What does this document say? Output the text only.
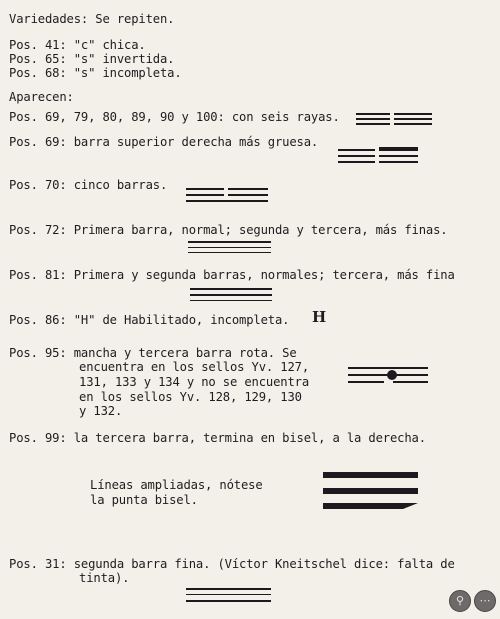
Variedades: Se repiten.
Pos. 41: "c" chica.
Pos. 65: "s" invertida.
Pos. 68: "s" incompleta.
Aparecen:
Pos. 69, 79, 80, 89, 90 y 100: con seis rayas.
Pos. 69: barra superior derecha más gruesa.
Pos. 70: cinco barras.
Pos. 72: Primera barra, normal; segunda y tercera, más finas.
Pos. 81: Primera y segunda barras, normales; tercera, más fina
Pos. 86: "H" de Habilitado, incompleta. H
Pos. 95: mancha y tercera barra rota. Se
encuentra en los sellos Yv. 127,
131, 133 y 134 y no se encuentra
en los sellos Yv. 128, 129, 130
y 132.
Pos. 99: la tercera barra, termina en bisel, a la derecha.
Líneas ampliadas, nótese
la punta bisel.
Pos. 31: segunda barra fina. (Víctor Kneitschel dice: falta de
tinta).
⚲	⋯
